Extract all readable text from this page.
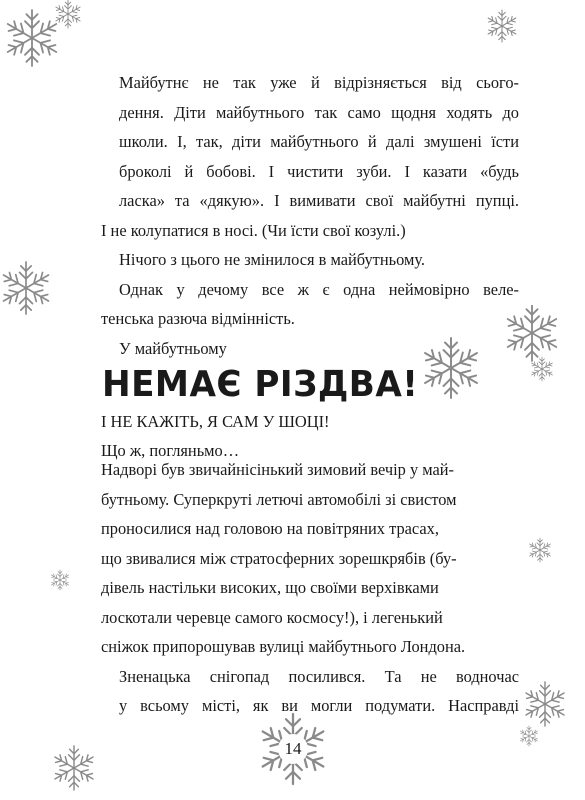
Майбутнє не так уже й відрізняється від сього-
дення. Діти майбутнього так само щодня ходять до
школи. І, так, діти майбутнього й далі змушені їсти
броколі й бобові. І чистити зуби. І казати «будь
ласка» та «дякую». І вимивати свої майбутні пупці.

І не колупатися в носі. (Чи їсти свої козулі.)

Нічого з цього не змінилося в майбутньому.

Однак у дечому все ж є одна неймовірно веле-

тенська разюча відмінність.

У майбутньому

НЕМАЄ РІЗДВА!

І НЕ КАЖІТЬ, Я САМ У ШОЦІ!

Що ж, погляньмо…

Надворі був звичайнісінький зимовий вечір у май-
бутньому. Суперкруті летючі автомобілі зі свистом
проносилися над головою на повітряних трасах,
що звивалися між стратосферних зорешкрябів (бу-
дівель настільки високих, що своїми верхівками
лоскотали черевце самого космосу!), і легенький
сніжок припорошував вулиці майбутнього Лондона.

Зненацька снігопад посилився. Та не водночас
у всьому місті, як ви могли подумати. Насправді

14
